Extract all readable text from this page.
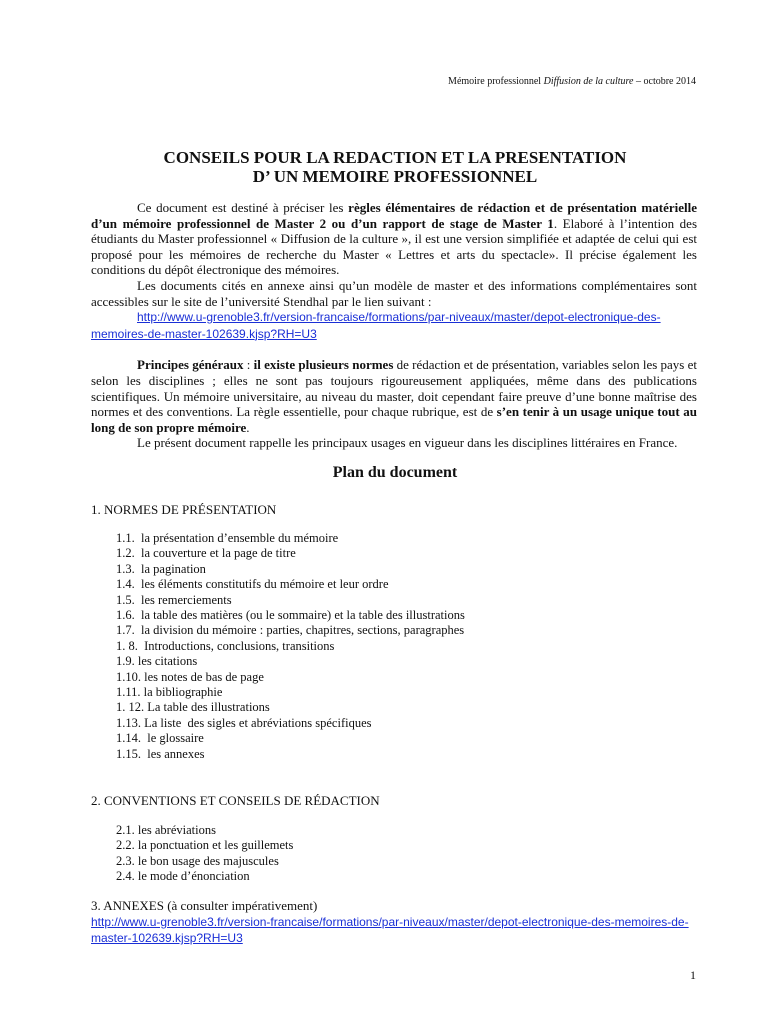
Mémoire professionnel Diffusion de la culture – octobre 2014
CONSEILS POUR LA REDACTION ET LA PRESENTATION
D’ UN MEMOIRE PROFESSIONNEL

Ce document est destiné à préciser les règles élémentaires de rédaction et de présentation matérielle d’un mémoire professionnel de Master 2 ou d’un rapport de stage de Master 1. Elaboré à l’intention des étudiants du Master professionnel « Diffusion de la culture », il est une version simplifiée et adaptée de celui qui est proposé pour les mémoires de recherche du Master « Lettres et arts du spectacle». Il précise également les conditions du dépôt électronique des mémoires.

Les documents cités en annexe ainsi qu’un modèle de master et des informations complémentaires sont accessibles sur le site de l’université Stendhal par le lien suivant :

http://www.u-grenoble3.fr/version-francaise/formations/par-niveaux/master/depot-electronique-des-memoires-de-master-102639.kjsp?RH=U3

Principes généraux : il existe plusieurs normes de rédaction et de présentation, variables selon les pays et selon les disciplines ; elles ne sont pas toujours rigoureusement appliquées, même dans des publications scientifiques. Un mémoire universitaire, au niveau du master, doit cependant faire preuve d’une bonne maîtrise des normes et des conventions. La règle essentielle, pour chaque rubrique, est de s’en tenir à un usage unique tout au long de son propre mémoire.

Le présent document rappelle les principaux usages en vigueur dans les disciplines littéraires en France.

Plan du document
1. NORMES DE PRÉSENTATION
1.1.  la présentation d’ensemble du mémoire
1.2.  la couverture et la page de titre
1.3.  la pagination
1.4.  les éléments constitutifs du mémoire et leur ordre
1.5.  les remerciements
1.6.  la table des matières (ou le sommaire) et la table des illustrations
1.7.  la division du mémoire : parties, chapitres, sections, paragraphes
1. 8.  Introductions, conclusions, transitions
1.9. les citations
1.10. les notes de bas de page
1.11. la bibliographie
1. 12. La table des illustrations
1.13. La liste  des sigles et abréviations spécifiques
1.14.  le glossaire
1.15.  les annexes
2. CONVENTIONS ET CONSEILS DE RÉDACTION
2.1. les abréviations
2.2. la ponctuation et les guillemets
2.3. le bon usage des majuscules
2.4. le mode d’énonciation
3. ANNEXES (à consulter impérativement)
http://www.u-grenoble3.fr/version-francaise/formations/par-niveaux/master/depot-electronique-des-memoires-de-master-102639.kjsp?RH=U3
1
